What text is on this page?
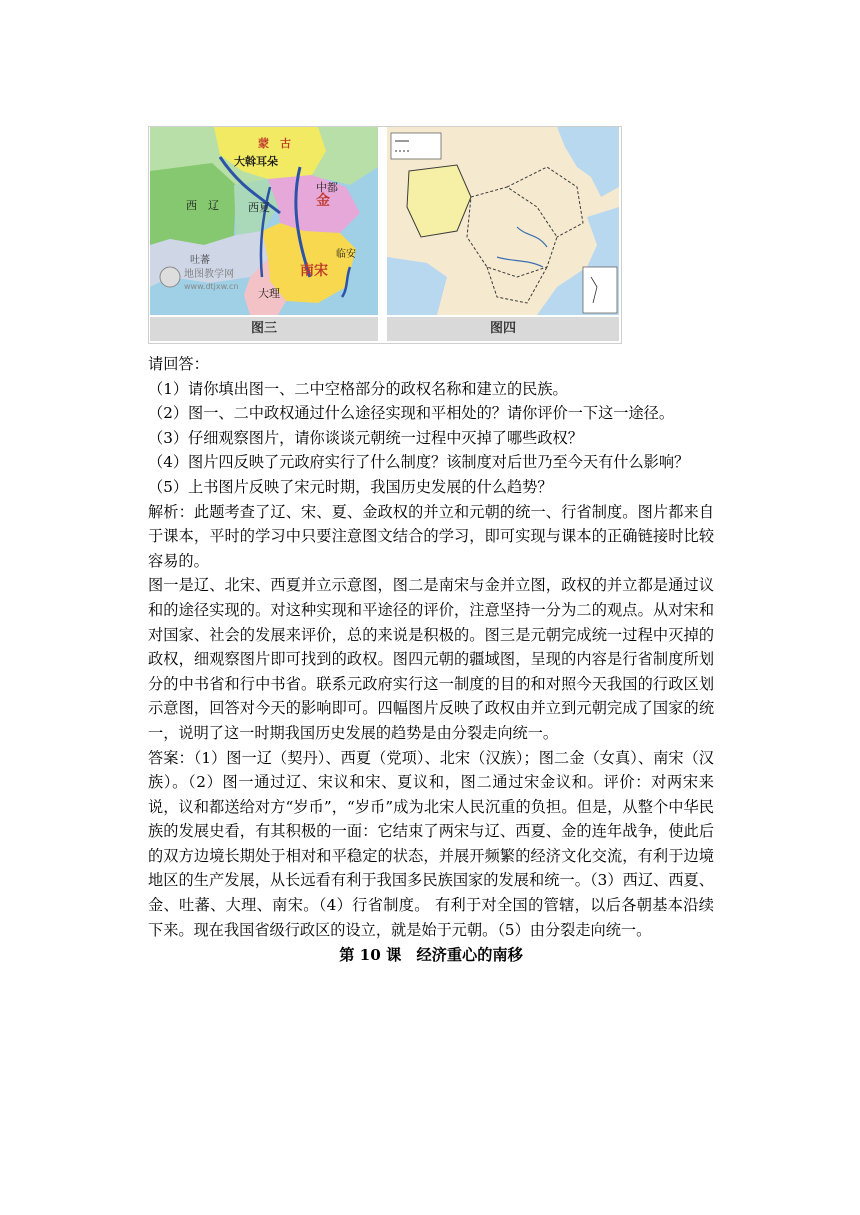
蒙　古
大斡耳朵
西　辽
中都
金
西夏
吐蕃
南宋
临安
大理
地图教学网
www.dtjxw.cn
图三	图四

请回答：

（1）请你填出图一、二中空格部分的政权名称和建立的民族。

（2）图一、二中政权通过什么途径实现和平相处的？请你评价一下这一途径。

（3）仔细观察图片，请你谈谈元朝统一过程中灭掉了哪些政权？

（4）图片四反映了元政府实行了什么制度？该制度对后世乃至今天有什么影响？

（5）上书图片反映了宋元时期，我国历史发展的什么趋势？

解析：此题考查了辽、宋、夏、金政权的并立和元朝的统一、行省制度。图片都来自于课本，平时的学习中只要注意图文结合的学习，即可实现与课本的正确链接时比较容易的。

图一是辽、北宋、西夏并立示意图，图二是南宋与金并立图，政权的并立都是通过议和的途径实现的。对这种实现和平途径的评价，注意坚持一分为二的观点。从对宋和对国家、社会的发展来评价，总的来说是积极的。图三是元朝完成统一过程中灭掉的政权，细观察图片即可找到的政权。图四元朝的疆域图，呈现的内容是行省制度所划分的中书省和行中书省。联系元政府实行这一制度的目的和对照今天我国的行政区划示意图，回答对今天的影响即可。四幅图片反映了政权由并立到元朝完成了国家的统一，说明了这一时期我国历史发展的趋势是由分裂走向统一。

答案：（1）图一辽（契丹）、西夏（党项）、北宋（汉族）；图二金（女真）、南宋（汉族）。（2）图一通过辽、宋议和宋、夏议和，图二通过宋金议和。评价：对两宋来说，议和都送给对方“岁币”，“岁币”成为北宋人民沉重的负担。但是，从整个中华民族的发展史看，有其积极的一面：它结束了两宋与辽、西夏、金的连年战争，使此后的双方边境长期处于相对和平稳定的状态，并展开频繁的经济文化交流，有利于边境地区的生产发展，从长远看有利于我国多民族国家的发展和统一。（3）西辽、西夏、金、吐蕃、大理、南宋。（4）行省制度。 有利于对全国的管辖，以后各朝基本沿续下来。现在我国省级行政区的设立，就是始于元朝。（5）由分裂走向统一。

第 10 课　经济重心的南移
